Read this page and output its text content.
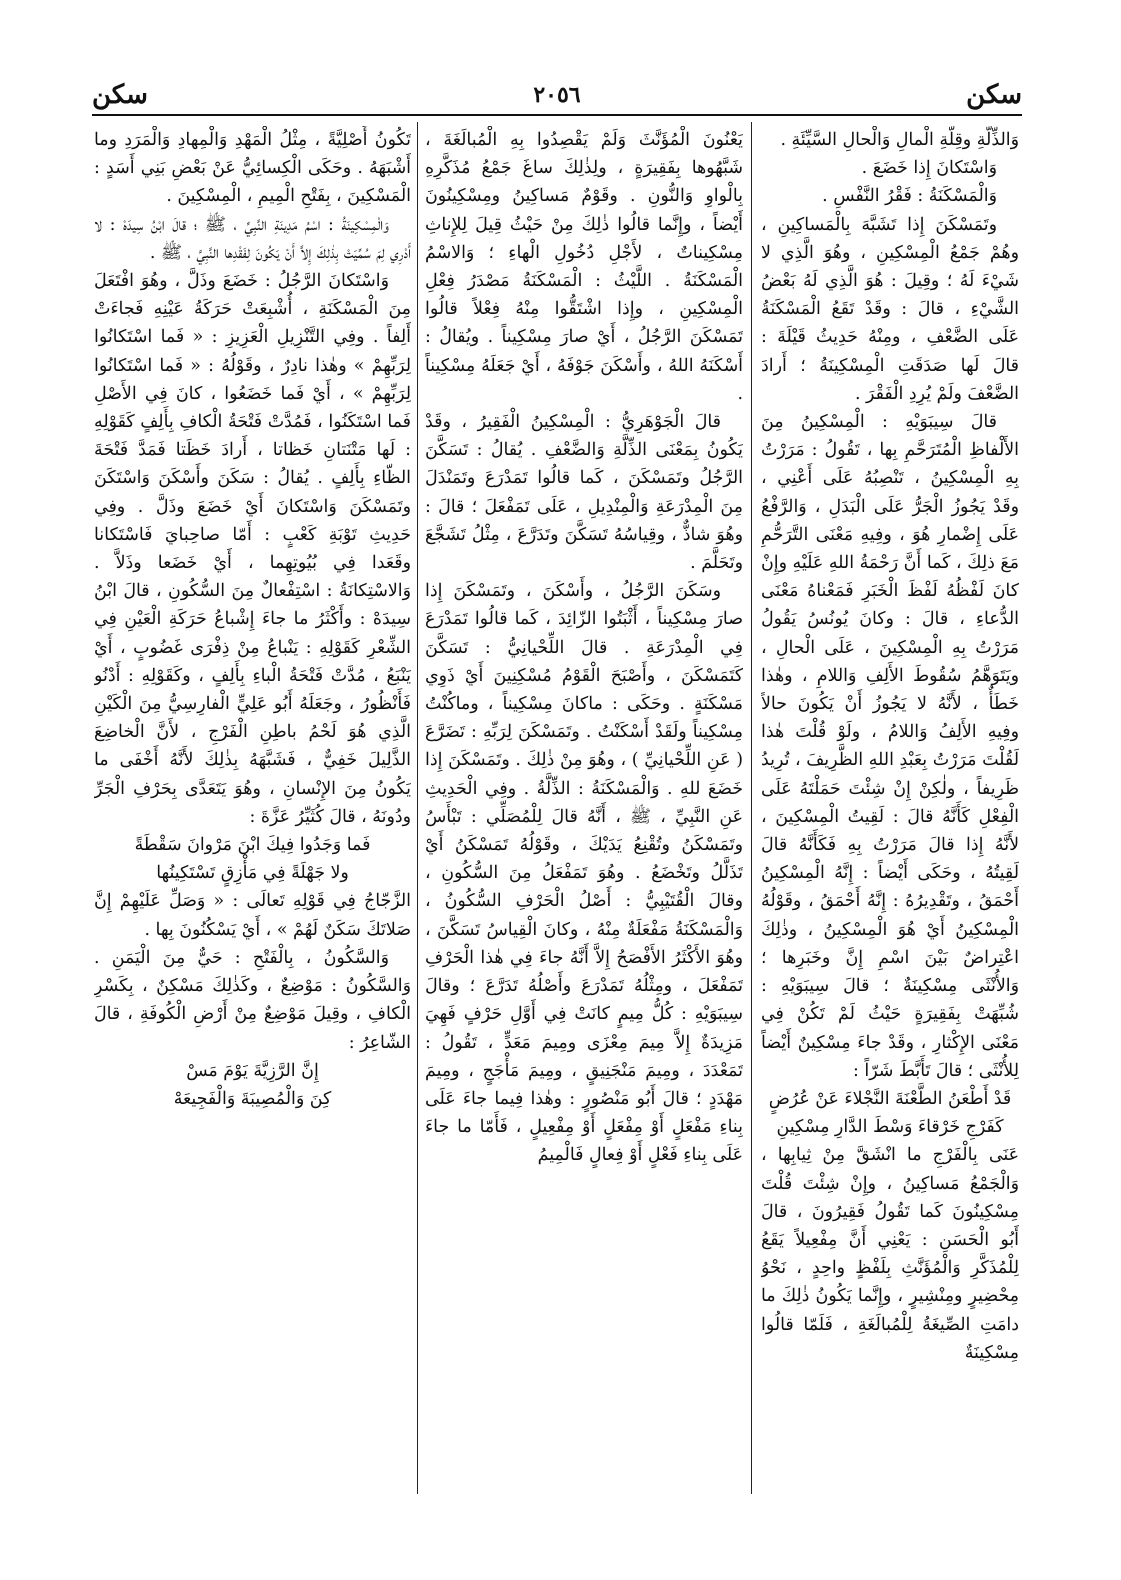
سكن
٢٠٥٦
سكن

وَالذِّلَّةِ وقِلَّةِ الْمالِ وَالْحالِ السَّيِّئَةِ .

وَاسْتَكانَ إِذا خَضَعَ .

وَالْمَسْكَنَةُ : فَقْرُ النَّفْسِ .

وتَمَسْكَنَ إِذا تَشَبَّهَ بِالْمَساكِينِ ، وهُمْ جَمْعُ الْمِسْكِينِ ، وهُوَ الَّذِي لا شَيْءَ لَهُ ؛ وقِيلَ : هُوَ الَّذِي لَهُ بَعْضُ الشَّيْءِ ، قالَ : وقَدْ تَقَعُ الْمَسْكَنَةُ عَلَى الضَّعْفِ ، ومِنْهُ حَدِيثُ قَيْلَةَ : قالَ لَها صَدَقَتِ الْمِسْكِينَةُ ؛ أَرادَ الضَّعْفَ ولَمْ يُرِدِ الْفَقْرَ .

قالَ سِيبَوَيْهِ : الْمِسْكِينُ مِنَ الأَلْفاظِ الْمُتَرَحَّمِ بِها ، تَقُولُ : مَرَرْتُ بِهِ الْمِسْكِينُ ، تَنْصِبُهُ عَلَى أَعْنِي ، وقَدْ يَجُوزُ الْجَرُّ عَلَى الْبَدَلِ ، وَالرَّفْعُ عَلَى إِضْمارِ هُوَ ، وفِيهِ مَعْنَى التَّرَحُّمِ مَعَ ذلِكَ ، كَما أَنَّ رَحْمَةُ اللهِ عَلَيْهِ وإِنْ كانَ لَفْظُهُ لَفْظَ الْخَبَرِ فَمَعْناهُ مَعْنَى الدُّعاءِ ، قالَ : وكانَ يُونُسُ يَقُولُ مَرَرْتُ بِهِ الْمِسْكِينَ ، عَلَى الْحالِ ، ويَتَوَهَّمُ سُقُوطَ الأَلِفِ وَاللامِ ، وهٰذا خَطَأٌ ، لأَنَّهُ لا يَجُوزُ أَنْ يَكُونَ حالاً وفِيهِ الأَلِفُ وَاللامُ ، ولَوْ قُلْتَ هٰذا لَقُلْتَ مَرَرْتُ بِعَبْدِ اللهِ الظَّرِيفَ ، تُرِيدُ ظَرِيفاً ، ولٰكِنْ إِنْ شِئْتَ حَمَلْتَهُ عَلَى الْفِعْلِ كَأَنَّهُ قالَ : لَقِيتُ الْمِسْكِينَ ، لأَنَّهُ إِذا قالَ مَرَرْتُ بِهِ فَكَأَنَّهُ قالَ لَقِيتُهُ ، وحَكَى أَيْضاً : إِنَّهُ الْمِسْكِينُ أَحْمَقُ ، وتَقْدِيرُهُ : إِنَّهُ أَحْمَقُ ، وقَوْلُهُ الْمِسْكِينُ أَيْ هُوَ الْمِسْكِينُ ، وذٰلِكَ اعْتِراضٌ بَيْنَ اسْمِ إِنَّ وخَبَرِها ؛ وَالأُنْثَى مِسْكِينَةٌ ؛ قالَ سِيبَوَيْهِ : شُبِّهَتْ بِفَقِيرَةٍ حَيْثُ لَمْ تَكُنْ فِي مَعْنَى الإِكْثارِ ، وقَدْ جاءَ مِسْكِينٌ أَيْضاً لِلأُنْثَى ؛ قالَ تَأَبَّطَ شَرّاً :

قَدْ أَطْعَنُ الطَّعْنَةَ النَّجْلاءَ عَنْ عُرُضٍ

كَفَرْجِ خَرْقاءَ وَسْطَ الدَّارِ مِسْكِينِ

عَنَى بِالْفَرْجِ ما انْشَقَّ مِنْ ثِيابِها ، وَالْجَمْعُ مَساكِينُ ، وإِنْ شِئْتَ قُلْتَ مِسْكِينُونَ كَما تَقُولُ فَقِيرُونَ ، قالَ أَبُو الْحَسَنِ : يَعْنِي أَنَّ مِفْعِيلاً يَقَعُ لِلْمُذَكَّرِ وَالْمُؤَنَّثِ بِلَفْظٍ واحِدٍ ، نَحْوُ مِحْضِيرٍ ومِنْشِيرٍ ، وإِنَّما يَكُونُ ذٰلِكَ ما دامَتِ الصِّيغَةُ لِلْمُبالَغَةِ ، فَلَمّا قالُوا مِسْكِينَةٌ

يَعْنُونَ الْمُؤَنَّثَ وَلَمْ يَقْصِدُوا بِهِ الْمُبالَغَةَ ، شَبَّهُوها بِفَقِيرَةٍ ، ولِذٰلِكَ ساغَ جَمْعُ مُذَكَّرِهِ بِالْواوِ وَالنُّونِ . وقَوْمٌ مَساكِينُ ومِسْكِينُونَ أَيْضاً ، وإِنَّما قالُوا ذٰلِكَ مِنْ حَيْثُ قِيلَ لِلإِناثِ مِسْكِيناتٌ ، لأَجْلِ دُخُولِ الْهاءِ ؛ وَالاسْمُ الْمَسْكَنَةُ . اللَّيْثُ : الْمَسْكَنَةُ مَصْدَرُ فِعْلِ الْمِسْكِينِ ، وإِذا اشْتَقُّوا مِنْهُ فِعْلاً قالُوا تَمَسْكَنَ الرَّجُلُ ، أَيْ صارَ مِسْكِيناً . ويُقالُ : أَسْكَنَهُ اللهُ ، وأَسْكَنَ جَوْفَهُ ، أَيْ جَعَلَهُ مِسْكِيناً .

قالَ الْجَوْهَرِيُّ : الْمِسْكِينُ الْفَقِيرُ ، وقَدْ يَكُونُ بِمَعْنَى الذِّلَّةِ وَالضَّعْفِ . يُقالُ : تَسَكَّنَ الرَّجُلُ وتَمَسْكَنَ ، كَما قالُوا تَمَدْرَعَ وتَمَنْدَلَ مِنَ الْمِدْرَعَةِ وَالْمِنْدِيلِ ، عَلَى تَمَفْعَلَ ؛ قالَ : وهُوَ شاذٌّ ، وقِياسُهُ تَسَكَّنَ وتَدَرَّعَ ، مِثْلُ تَشَجَّعَ وتَحَلَّمَ .

وسَكَنَ الرَّجُلُ ، وأَسْكَنَ ، وتَمَسْكَنَ إِذا صارَ مِسْكِيناً ، أَثْبَتُوا الزّائِدَ ، كَما قالُوا تَمَدْرَعَ فِي الْمِدْرَعَةِ . قالَ اللِّحْيانِيُّ : تَسَكَّنَ كَتَمَسْكَنَ ، وأَصْبَحَ الْقَوْمُ مُسْكِنِينَ أَيْ ذَوِي مَسْكَنَةٍ . وحَكَى : ماكانَ مِسْكِيناً ، وماكُنْتُ مِسْكِيناً ولَقَدْ أَسْكَنْتُ . وتَمَسْكَنَ لِرَبِّهِ : تَضَرَّعَ ( عَنِ اللِّحْيانِيِّ ) ، وهُوَ مِنْ ذٰلِكَ . وتَمَسْكَنَ إِذا خَضَعَ للهِ . وَالْمَسْكَنَةُ : الذِّلَّةُ . وفِي الْحَدِيثِ عَنِ النَّبِيِّ ، ﷺ ، أَنَّهُ قالَ لِلْمُصَلِّي : تَبْأَسُ وتَمَسْكَنُ وتُقْنِعُ يَدَيْكَ ، وقَوْلُهُ تَمَسْكَنُ أَيْ تَذَلَّلُ وتَخْضَعُ . وهُوَ تَمَفْعَلُ مِنَ السُّكُونِ ، وقالَ الْقُتَيْبِيُّ : أَصْلُ الْحَرْفِ السُّكُونُ ، وَالْمَسْكَنَةُ مَفْعَلَةٌ مِنْهُ ، وكانَ الْقِياسُ تَسَكَّنَ ، وهُوَ الأَكْثَرُ الأَفْصَحُ إِلاَّ أَنَّهُ جاءَ فِي هٰذا الْحَرْفِ تَمَفْعَلَ ، ومِثْلُهُ تَمَدْرَعَ وأَصْلُهُ تَدَرَّعَ ؛ وقالَ سِيبَوَيْهِ : كُلُّ مِيمٍ كانَتْ فِي أَوَّلِ حَرْفٍ فَهِيَ مَزِيدَةٌ إِلاَّ مِيمَ مِعْزَى ومِيمَ مَعَدٍّ ، تَقُولُ : تَمَعْدَدَ ، ومِيمَ مَنْجَنِيقٍ ، ومِيمَ مَأْجَجٍ ، ومِيمَ مَهْدَدٍ ؛ قالَ أَبُو مَنْصُورٍ : وهٰذا فِيما جاءَ عَلَى بِناءِ مَفْعَلٍ أَوْ مِفْعَلٍ أَوْ مِفْعِيلٍ ، فَأَمّا ما جاءَ عَلَى بِناءِ فَعْلٍ أَوْ فِعالٍ فَالْمِيمُ

تَكُونُ أَصْلِيَّةً ، مِثْلُ الْمَهْدِ وَالْمِهادِ وَالْمَرَدِ وما أَشْبَهَهُ . وحَكَى الْكِسائِيُّ عَنْ بَعْضِ بَنِي أَسَدٍ : الْمَسْكِينَ ، بِفَتْحِ الْمِيمِ ، الْمِسْكِينَ .

وَالْمِسْكِينَةُ : اسْمُ مَدِينَةِ النَّبِيِّ ، ﷺ ؛ قالَ ابْنُ سِيدَهْ : لا أَدْرِي لِمَ سُمِّيَتْ بِذٰلِكَ إِلاَّ أَنْ يَكُونَ لِفَقْدِها النَّبِيَّ ، ﷺ .

وَاسْتَكانَ الرَّجُلُ : خَضَعَ وذَلَّ ، وهُوَ افْتَعَلَ مِنَ الْمَسْكَنَةِ ، أُشْبِعَتْ حَرَكَةُ عَيْنِهِ فَجاءَتْ أَلِفاً . وفِي التَّنْزِيلِ الْعَزِيزِ : « فَما اسْتَكانُوا لِرَبِّهِمْ » وهٰذا نادِرٌ ، وقَوْلُهُ : « فَما اسْتَكانُوا لِرَبِّهِمْ » ، أَيْ فَما خَضَعُوا ، كانَ فِي الأَصْلِ فَما اسْتَكَنُوا ، فَمُدَّتْ فَتْحَةُ الْكافِ بِأَلِفٍ كَقَوْلِهِ : لَها مَتْنَتانِ خَظاتا ، أَرادَ خَظَتا فَمَدَّ فَتْحَةَ الظّاءِ بِأَلِفٍ . يُقالُ : سَكَنَ وأَسْكَنَ وَاسْتَكَنَ وتَمَسْكَنَ وَاسْتَكانَ أَيْ خَضَعَ وذَلَّ . وفِي حَدِيثِ تَوْبَةِ كَعْبٍ : أَمّا صاحِبايَ فَاسْتَكانا وقَعَدا فِي بُيُوتِهِما ، أَيْ خَضَعا وذَلاَّ . وَالاسْتِكانَةُ : اسْتِفْعالٌ مِنَ السُّكُونِ ، قالَ ابْنُ سِيدَهْ : وأَكْثَرُ ما جاءَ إِشْباعُ حَرَكَةِ الْعَيْنِ فِي الشِّعْرِ كَقَوْلِهِ : يَنْباعُ مِنْ ذِفْرَى غَضُوبٍ ، أَيْ يَنْبَعُ ، مُدَّتْ فَتْحَةُ الْباءِ بِأَلِفٍ ، وكَقَوْلِهِ : أَدْنُو فَأَنْظُورُ ، وجَعَلَهُ أَبُو عَلِيٍّ الْفارِسِيُّ مِنَ الْكَيْنِ الَّذِي هُوَ لَحْمُ باطِنِ الْفَرْجِ ، لأَنَّ الْخاضِعَ الذَّلِيلَ خَفِيٌّ ، فَشَبَّهَهُ بِذٰلِكَ لأَنَّهُ أَخْفَى ما يَكُونُ مِنَ الإِنْسانِ ، وهُوَ يَتَعَدَّى بِحَرْفِ الْجَرِّ ودُونَهُ ، قالَ كُثَيِّرُ عَزَّةَ :

فَما وَجَدُوا فِيكَ ابْنَ مَرْوانَ سَقْطَةً

ولا جَهْلَةً فِي مَأْزِقٍ تَسْتَكِينُها

الزَّجّاجُ فِي قَوْلِهِ تَعالَى : « وَصَلِّ عَلَيْهِمْ إِنَّ صَلاتَكَ سَكَنٌ لَهُمْ » ، أَيْ يَسْكُنُونَ بِها .

وَالسَّكُونُ ، بِالْفَتْحِ : حَيٌّ مِنَ الْيَمَنِ . وَالسَّكُونُ : مَوْضِعٌ ، وكَذٰلِكَ مَسْكِنٌ ، بِكَسْرِ الْكافِ ، وقِيلَ مَوْضِعٌ مِنْ أَرْضِ الْكُوفَةِ ، قالَ الشّاعِرُ :

إِنَّ الرَّزِيَّةَ يَوْمَ مَسْ

كِنَ وَالْمُصِيبَةَ وَالْفَجِيعَهْ
